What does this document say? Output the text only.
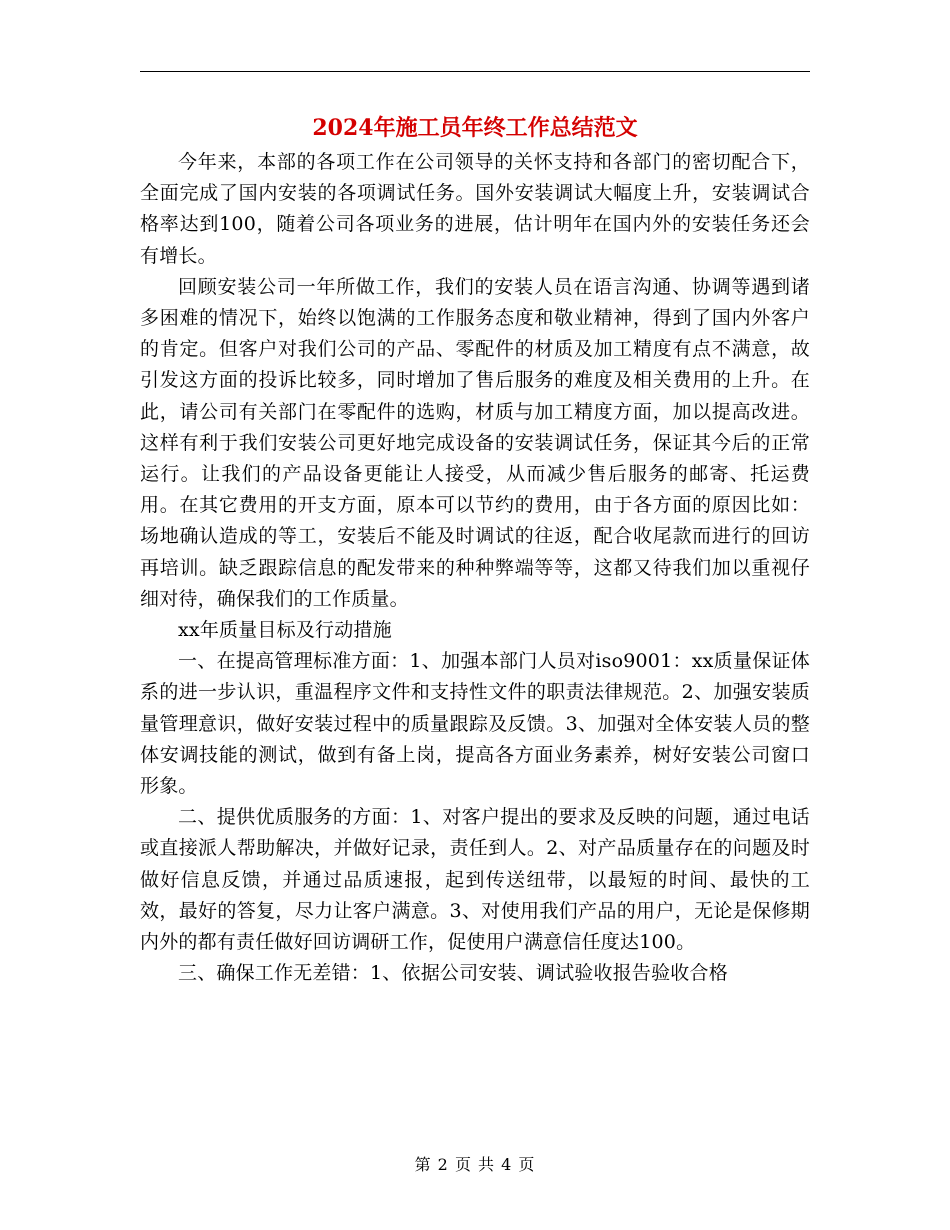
2024年施工员年终工作总结范文

今年来，本部的各项工作在公司领导的关怀支持和各部门的密切配合下，全面完成了国内安装的各项调试任务。国外安装调试大幅度上升，安装调试合格率达到100，随着公司各项业务的进展，估计明年在国内外的安装任务还会有增长。

回顾安装公司一年所做工作，我们的安装人员在语言沟通、协调等遇到诸多困难的情况下，始终以饱满的工作服务态度和敬业精神，得到了国内外客户的肯定。但客户对我们公司的产品、零配件的材质及加工精度有点不满意，故引发这方面的投诉比较多，同时增加了售后服务的难度及相关费用的上升。在此，请公司有关部门在零配件的选购，材质与加工精度方面，加以提高改进。这样有利于我们安装公司更好地完成设备的安装调试任务，保证其今后的正常运行。让我们的产品设备更能让人接受，从而减少售后服务的邮寄、托运费用。在其它费用的开支方面，原本可以节约的费用，由于各方面的原因比如：场地确认造成的等工，安装后不能及时调试的往返，配合收尾款而进行的回访再培训。缺乏跟踪信息的配发带来的种种弊端等等，这都又待我们加以重视仔细对待，确保我们的工作质量。

xx年质量目标及行动措施

一、在提高管理标准方面：1、加强本部门人员对iso9001：xx质量保证体系的进一步认识，重温程序文件和支持性文件的职责法律规范。2、加强安装质量管理意识，做好安装过程中的质量跟踪及反馈。3、加强对全体安装人员的整体安调技能的测试，做到有备上岗，提高各方面业务素养，树好安装公司窗口形象。

二、提供优质服务的方面：1、对客户提出的要求及反映的问题，通过电话或直接派人帮助解决，并做好记录，责任到人。2、对产品质量存在的问题及时做好信息反馈，并通过品质速报，起到传送纽带，以最短的时间、最快的工效，最好的答复，尽力让客户满意。3、对使用我们产品的用户，无论是保修期内外的都有责任做好回访调研工作，促使用户满意信任度达100。

三、确保工作无差错：1、依据公司安装、调试验收报告验收合格

第 2 页 共 4 页
